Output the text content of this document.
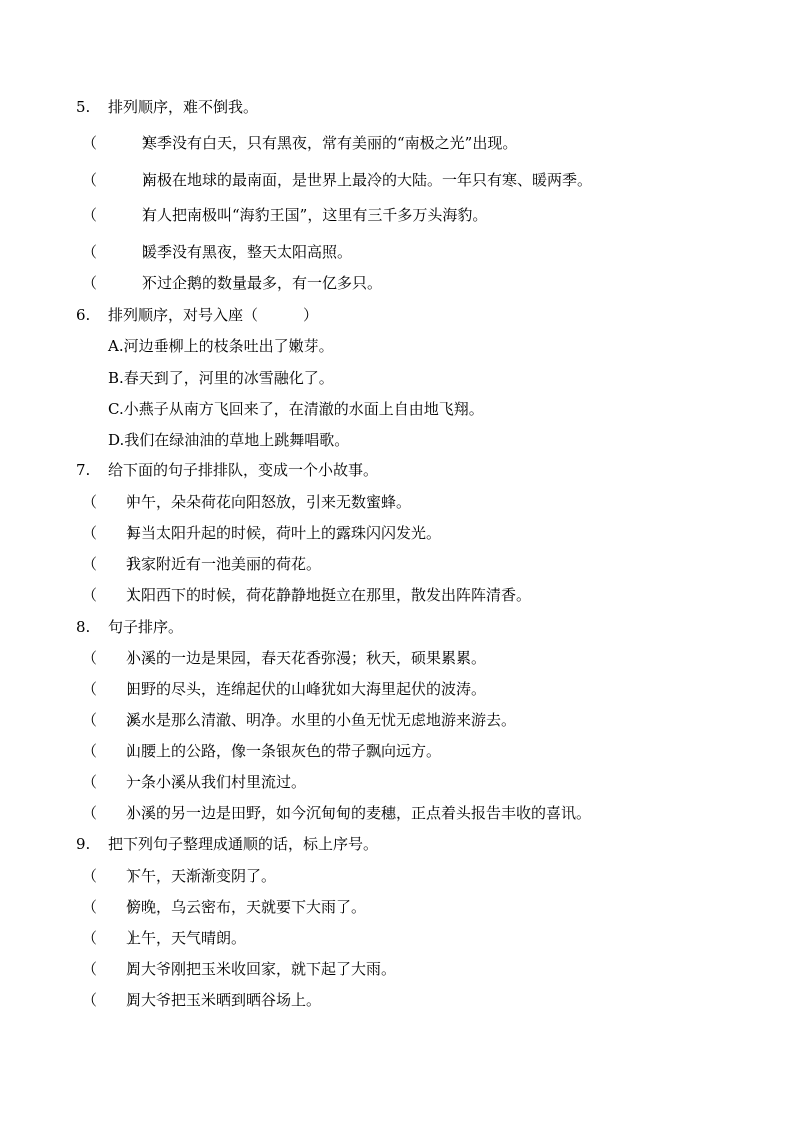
5. 排列顺序，难不倒我。
（　　　）寒季没有白天，只有黑夜，常有美丽的“南极之光”出现。
（　　　）南极在地球的最南面，是世界上最冷的大陆。一年只有寒、暖两季。
（　　　）有人把南极叫“海豹王国”，这里有三千多万头海豹。
（　　　）暖季没有黑夜，整天太阳高照。
（　　　）不过企鹅的数量最多，有一亿多只。
6. 排列顺序，对号入座（　　　）
A.河边垂柳上的枝条吐出了嫩芽。
B.春天到了，河里的冰雪融化了。
C.小燕子从南方飞回来了，在清澈的水面上自由地飞翔。
D.我们在绿油油的草地上跳舞唱歌。
7. 给下面的句子排排队，变成一个小故事。
（　　）中午，朵朵荷花向阳怒放，引来无数蜜蜂。
（　　）每当太阳升起的时候，荷叶上的露珠闪闪发光。
（　　）我家附近有一池美丽的荷花。
（　　）太阳西下的时候，荷花静静地挺立在那里，散发出阵阵清香。
8. 句子排序。
（　　）小溪的一边是果园，春天花香弥漫；秋天，硕果累累。
（　　）田野的尽头，连绵起伏的山峰犹如大海里起伏的波涛。
（　　）溪水是那么清澈、明净。水里的小鱼无忧无虑地游来游去。
（　　）山腰上的公路，像一条银灰色的带子飘向远方。
（　　）一条小溪从我们村里流过。
（　　）小溪的另一边是田野，如今沉甸甸的麦穗，正点着头报告丰收的喜讯。
9. 把下列句子整理成通顺的话，标上序号。
（　　）下午，天渐渐变阴了。
（　　）傍晚，乌云密布，天就要下大雨了。
（　　）上午，天气晴朗。
（　　）周大爷刚把玉米收回家，就下起了大雨。
（　　）周大爷把玉米晒到晒谷场上。
